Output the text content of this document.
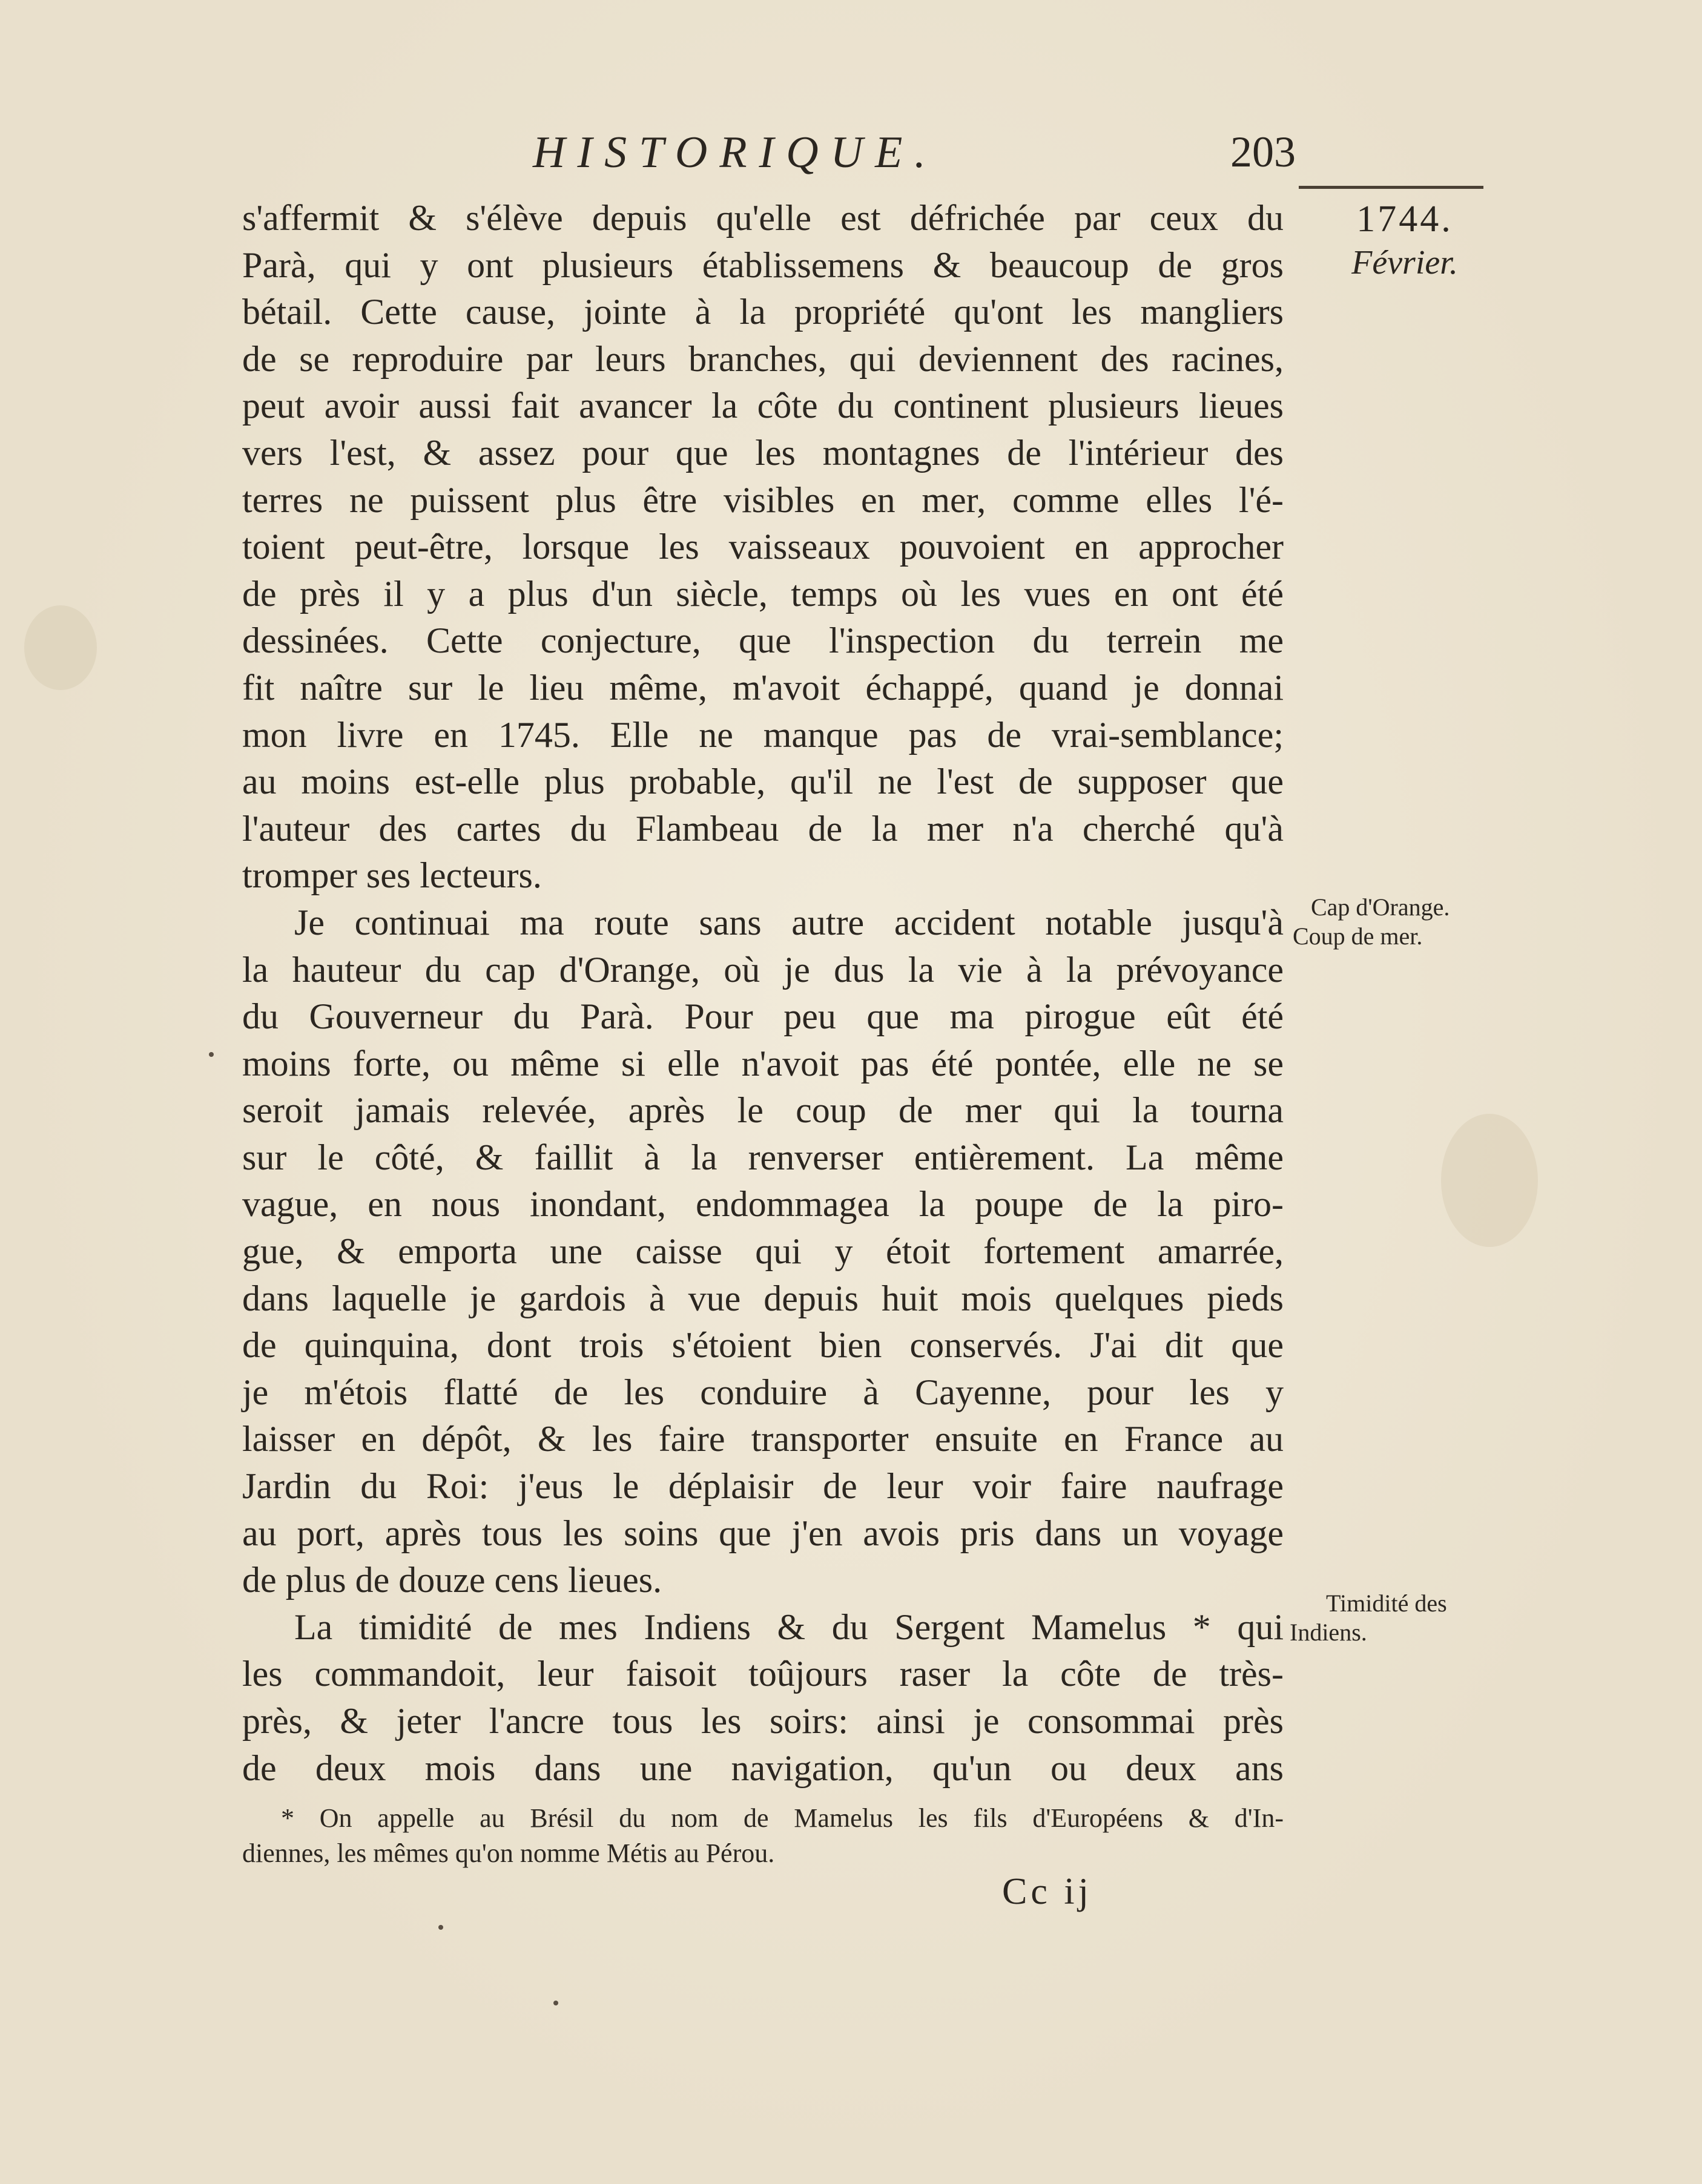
HISTORIQUE.	203
1744.
Février.
Cap d'Orange.
Coup de mer.
Timidité des
Indiens.
s'affermit & s'élève depuis qu'elle est défrichée par ceux du
Parà, qui y ont plusieurs établissemens & beaucoup de gros
bétail. Cette cause, jointe à la propriété qu'ont les mangliers
de se reproduire par leurs branches, qui deviennent des racines,
peut avoir aussi fait avancer la côte du continent plusieurs lieues
vers l'est, & assez pour que les montagnes de l'intérieur des
terres ne puissent plus être visibles en mer, comme elles l'é-
toient peut-être, lorsque les vaisseaux pouvoient en approcher
de près il y a plus d'un siècle, temps où les vues en ont été
dessinées. Cette conjecture, que l'inspection du terrein me
fit naître sur le lieu même, m'avoit échappé, quand je donnai
mon livre en 1745. Elle ne manque pas de vrai-semblance;
au moins est-elle plus probable, qu'il ne l'est de supposer que
l'auteur des cartes du Flambeau de la mer n'a cherché qu'à
tromper ses lecteurs.
Je continuai ma route sans autre accident notable jusqu'à
la hauteur du cap d'Orange, où je dus la vie à la prévoyance
du Gouverneur du Parà. Pour peu que ma pirogue eût été
moins forte, ou même si elle n'avoit pas été pontée, elle ne se
seroit jamais relevée, après le coup de mer qui la tourna
sur le côté, & faillit à la renverser entièrement. La même
vague, en nous inondant, endommagea la poupe de la piro-
gue, & emporta une caisse qui y étoit fortement amarrée,
dans laquelle je gardois à vue depuis huit mois quelques pieds
de quinquina, dont trois s'étoient bien conservés. J'ai dit que
je m'étois flatté de les conduire à Cayenne, pour les y
laisser en dépôt, & les faire transporter ensuite en France au
Jardin du Roi: j'eus le déplaisir de leur voir faire naufrage
au port, après tous les soins que j'en avois pris dans un voyage
de plus de douze cens lieues.
La timidité de mes Indiens & du Sergent Mamelus * qui
les commandoit, leur faisoit toûjours raser la côte de très-
près, & jeter l'ancre tous les soirs: ainsi je consommai près
de deux mois dans une navigation, qu'un ou deux ans
* On appelle au Brésil du nom de Mamelus les fils d'Européens & d'In-
diennes, les mêmes qu'on nomme Métis au Pérou.
Cc ij
